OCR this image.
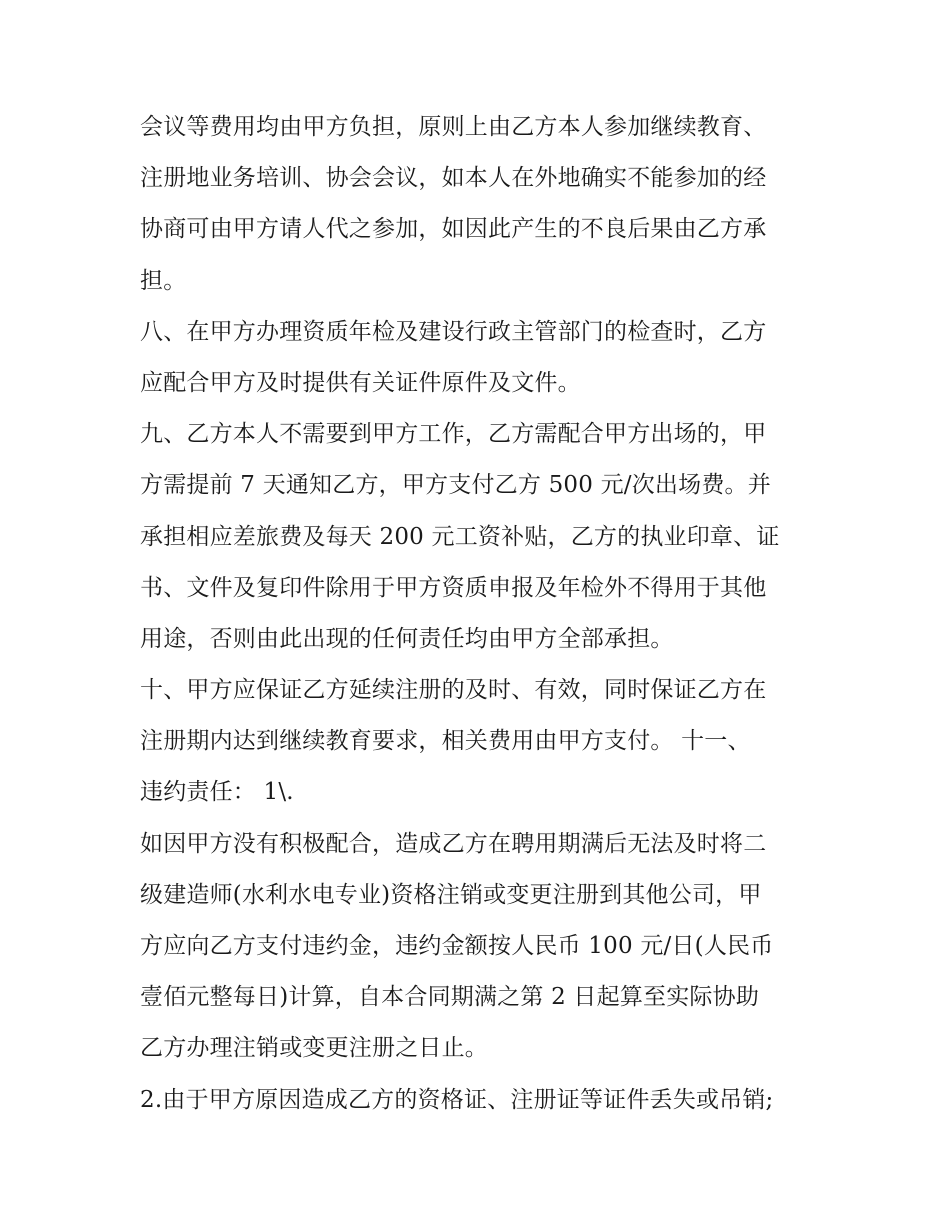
会议等费用均由甲方负担，原则上由乙方本人参加继续教育、
注册地业务培训、协会会议，如本人在外地确实不能参加的经
协商可由甲方请人代之参加，如因此产生的不良后果由乙方承
担。
八、在甲方办理资质年检及建设行政主管部门的检查时，乙方
应配合甲方及时提供有关证件原件及文件。
九、乙方本人不需要到甲方工作，乙方需配合甲方出场的，甲
方需提前 7 天通知乙方，甲方支付乙方 500 元/次出场费。并
承担相应差旅费及每天 200 元工资补贴，乙方的执业印章、证
书、文件及复印件除用于甲方资质申报及年检外不得用于其他
用途，否则由此出现的任何责任均由甲方全部承担。
十、甲方应保证乙方延续注册的及时、有效，同时保证乙方在
注册期内达到继续教育要求，相关费用由甲方支付。 十一、
违约责任： 1\.
如因甲方没有积极配合，造成乙方在聘用期满后无法及时将二
级建造师(水利水电专业)资格注销或变更注册到其他公司，甲
方应向乙方支付违约金，违约金额按人民币 100 元/日(人民币
壹佰元整每日)计算，自本合同期满之第 2 日起算至实际协助
乙方办理注销或变更注册之日止。
2.由于甲方原因造成乙方的资格证、注册证等证件丢失或吊销;
